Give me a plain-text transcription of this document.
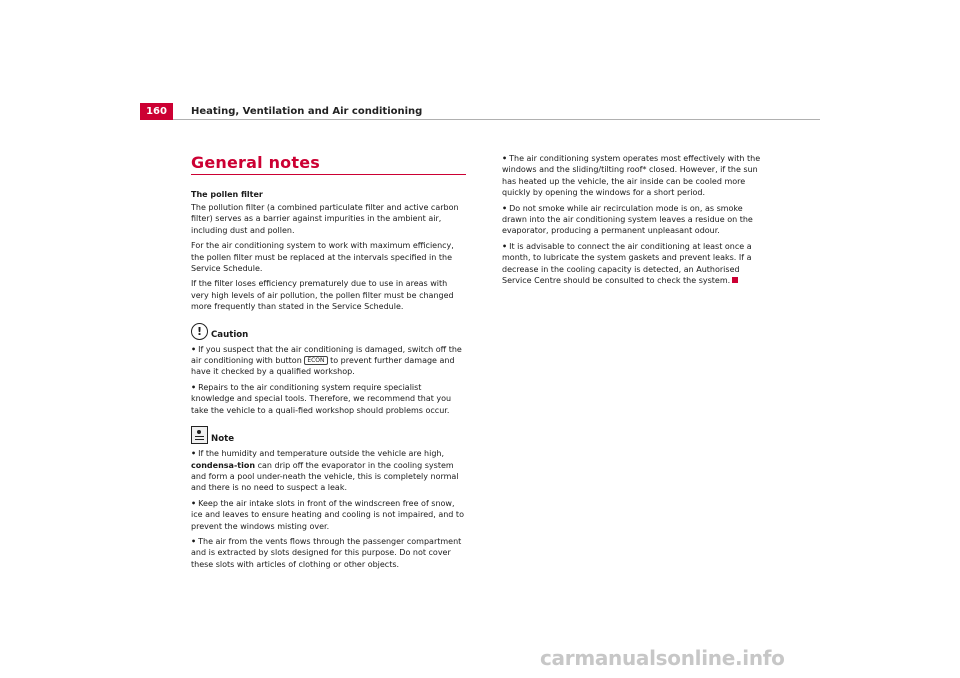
160	Heating, Ventilation and Air conditioning
General notes
The pollen filter

The pollution filter (a combined particulate filter and active carbon filter) serves as a barrier against impurities in the ambient air, including dust and pollen.

For the air conditioning system to work with maximum efficiency, the pollen filter must be replaced at the intervals specified in the Service Schedule.

If the filter loses efficiency prematurely due to use in areas with very high levels of air pollution, the pollen filter must be changed more frequently than stated in the Service Schedule.

!	Caution

• If you suspect that the air conditioning is damaged, switch off the air conditioning with button ECON to prevent further damage and have it checked by a qualified workshop.

• Repairs to the air conditioning system require specialist knowledge and special tools. Therefore, we recommend that you take the vehicle to a quali-fied workshop should problems occur.

Note

• If the humidity and temperature outside the vehicle are high, condensa-tion can drip off the evaporator in the cooling system and form a pool under-neath the vehicle, this is completely normal and there is no need to suspect a leak.

• Keep the air intake slots in front of the windscreen free of snow, ice and leaves to ensure heating and cooling is not impaired, and to prevent the windows misting over.

• The air from the vents flows through the passenger compartment and is extracted by slots designed for this purpose. Do not cover these slots with articles of clothing or other objects.

• The air conditioning system operates most effectively with the windows and the sliding/tilting roof* closed. However, if the sun has heated up the vehicle, the air inside can be cooled more quickly by opening the windows for a short period.

• Do not smoke while air recirculation mode is on, as smoke drawn into the air conditioning system leaves a residue on the evaporator, producing a permanent unpleasant odour.

• It is advisable to connect the air conditioning at least once a month, to lubricate the system gaskets and prevent leaks. If a decrease in the cooling capacity is detected, an Authorised Service Centre should be consulted to check the system.

carmanualsonline.info
